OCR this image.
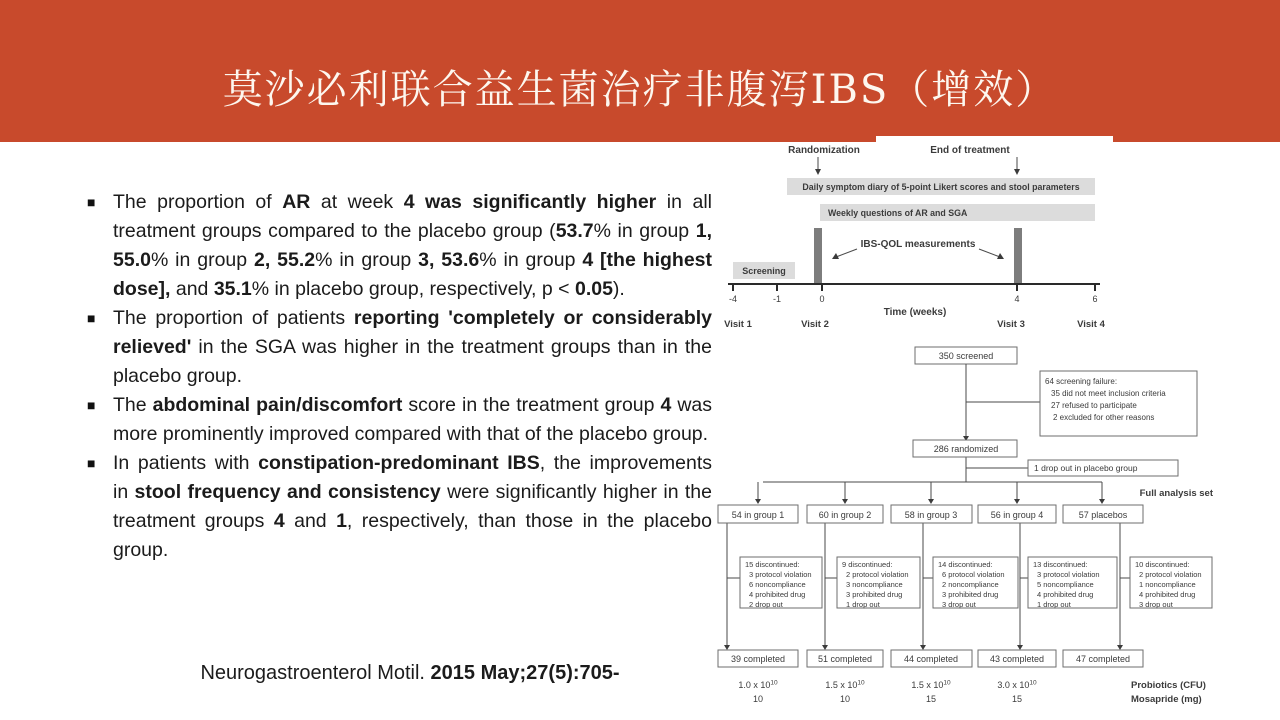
莫沙必利联合益生菌治疗非腹泻IBS（增效）
■ The proportion of AR at week 4 was significantly higher in all treatment groups compared to the placebo group (53.7% in group 1, 55.0% in group 2, 55.2% in group 3, 53.6% in group 4 [the highest dose], and 35.1% in placebo group, respectively, p < 0.05).
■ The proportion of patients reporting 'completely or considerably relieved' in the SGA was higher in the treatment groups than in the placebo group.
■ The abdominal pain/discomfort score in the treatment group 4 was more prominently improved compared with that of the placebo group.
■ In patients with constipation-predominant IBS, the improvements in stool frequency and consistency were significantly higher in the treatment groups 4 and 1, respectively, than those in the placebo group.
Neurogastroenterol Motil. 2015 May;27(5):705-
Randomization	End of treatment
Daily symptom diary of 5-point Likert scores and stool parameters
Weekly questions of AR and SGA
IBS-QOL measurements
Screening
-4	-1	0	4	6
Time (weeks)
Visit 1	Visit 2	Visit 3	Visit 4
350 screened
64 screening failure:
35 did not meet inclusion criteria
27 refused to participate
2 excluded for other reasons
286 randomized
1 drop out in placebo group
Full analysis set
54 in group 1	60 in group 2	58 in group 3	56 in group 4	57 placebos
15 discontinued:
3 protocol violation
6 noncompliance
4 prohibited drug
2 drop out
9 discontinued:
2 protocol violation
3 noncompliance
3 prohibited drug
1 drop out
14 discontinued:
6 protocol violation
2 noncompliance
3 prohibited drug
3 drop out
13 discontinued:
3 protocol violation
5 noncompliance
4 prohibited drug
1 drop out
10 discontinued:
2 protocol violation
1 noncompliance
4 prohibited drug
3 drop out
39 completed	51 completed	44 completed	43 completed	47 completed
1.0 x $10^{10}$	1.5 x $10^{10}$	1.5 x $10^{10}$	3.0 x $10^{10}$
10	10	15	15
Probiotics (CFU)
Mosapride (mg)
